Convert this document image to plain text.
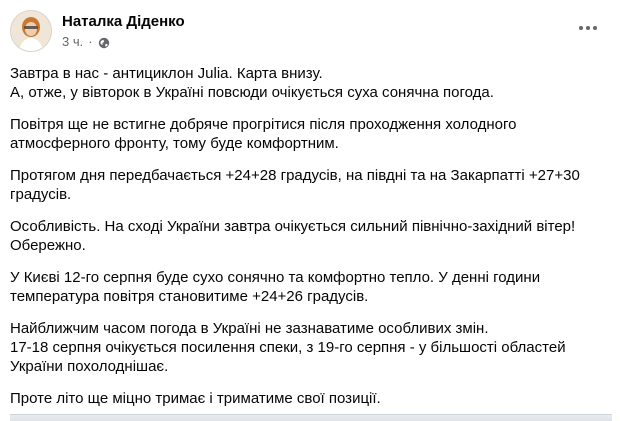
Наталка Діденко
3 ч. ·

Завтра в нас - антициклон Julia. Карта внизу.
А, отже, у вівторок в Україні повсюди очікується суха сонячна погода.

Повітря ще не встигне добряче прогрітися після проходження холодного
атмосферного фронту, тому буде комфортним.

Протягом дня передбачається +24+28 градусів, на півдні та на Закарпатті +27+30
градусів.

Особливість. На сході України завтра очікується сильний північно-західний вітер!
Обережно.

У Києві 12-го серпня буде сухо сонячно та комфортно тепло. У денні години
температура повітря становитиме +24+26 градусів.

Найближчим часом погода в Україні не зазнаватиме особливих змін.
17-18 серпня очікується посилення спеки, з 19-го серпня - у більшості областей
України похолоднішає.

Проте літо ще міцно тримає і триматиме свої позиції.
